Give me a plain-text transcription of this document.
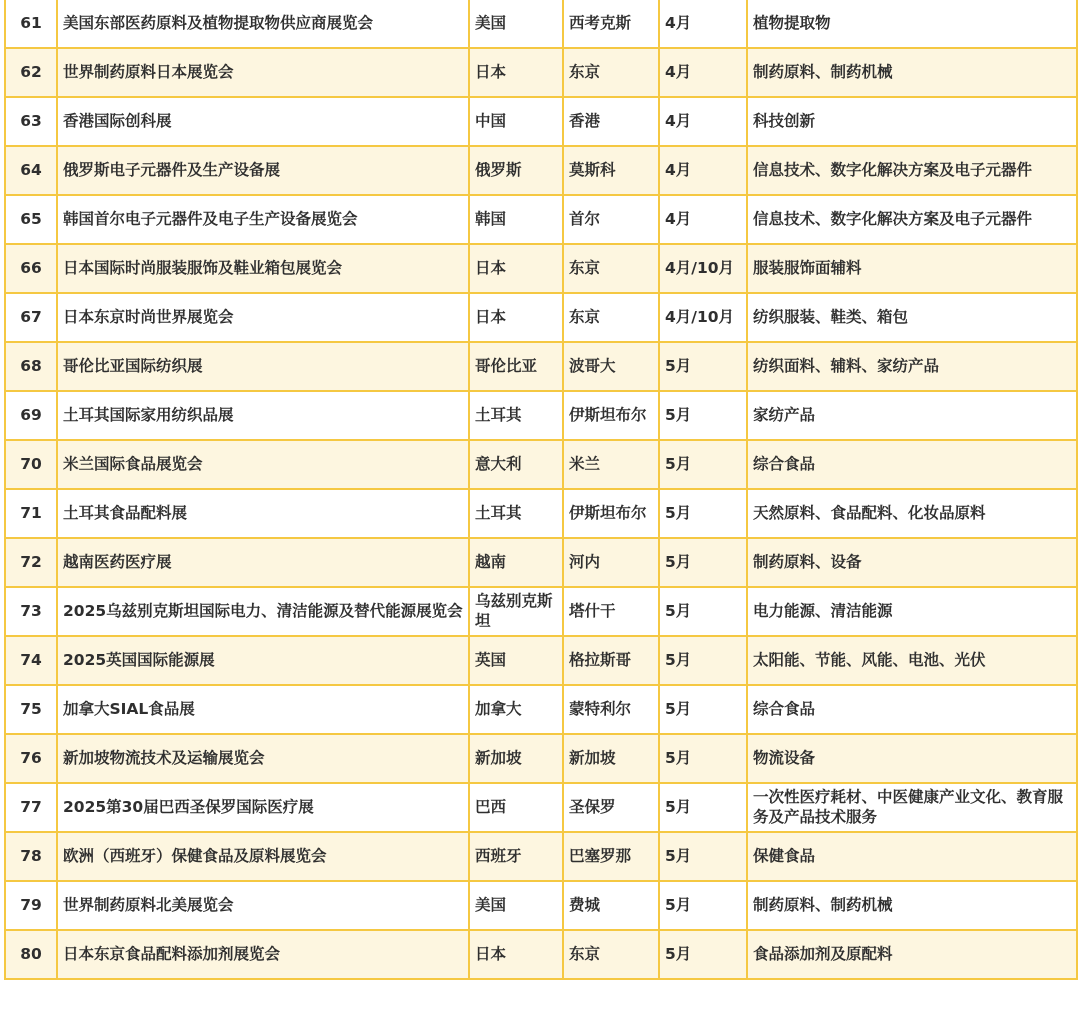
61	美国东部医药原料及植物提取物供应商展览会	美国	西考克斯	4月	植物提取物
62	世界制药原料日本展览会	日本	东京	4月	制药原料、制药机械
63	香港国际创科展	中国	香港	4月	科技创新
64	俄罗斯电子元器件及生产设备展	俄罗斯	莫斯科	4月	信息技术、数字化解决方案及电子元器件
65	韩国首尔电子元器件及电子生产设备展览会	韩国	首尔	4月	信息技术、数字化解决方案及电子元器件
66	日本国际时尚服装服饰及鞋业箱包展览会	日本	东京	4月/10月	服装服饰面辅料
67	日本东京时尚世界展览会	日本	东京	4月/10月	纺织服装、鞋类、箱包
68	哥伦比亚国际纺织展	哥伦比亚	波哥大	5月	纺织面料、辅料、家纺产品
69	土耳其国际家用纺织品展	土耳其	伊斯坦布尔	5月	家纺产品
70	米兰国际食品展览会	意大利	米兰	5月	综合食品
71	土耳其食品配料展	土耳其	伊斯坦布尔	5月	天然原料、食品配料、化妆品原料
72	越南医药医疗展	越南	河内	5月	制药原料、设备
73	2025乌兹别克斯坦国际电力、清洁能源及替代能源展览会	乌兹别克斯坦	塔什干	5月	电力能源、清洁能源
74	2025英国国际能源展	英国	格拉斯哥	5月	太阳能、节能、风能、电池、光伏
75	加拿大SIAL食品展	加拿大	蒙特利尔	5月	综合食品
76	新加坡物流技术及运输展览会	新加坡	新加坡	5月	物流设备
77	2025第30届巴西圣保罗国际医疗展	巴西	圣保罗	5月	一次性医疗耗材、中医健康产业文化、教育服务及产品技术服务
78	欧洲（西班牙）保健食品及原料展览会	西班牙	巴塞罗那	5月	保健食品
79	世界制药原料北美展览会	美国	费城	5月	制药原料、制药机械
80	日本东京食品配料添加剂展览会	日本	东京	5月	食品添加剂及原配料
